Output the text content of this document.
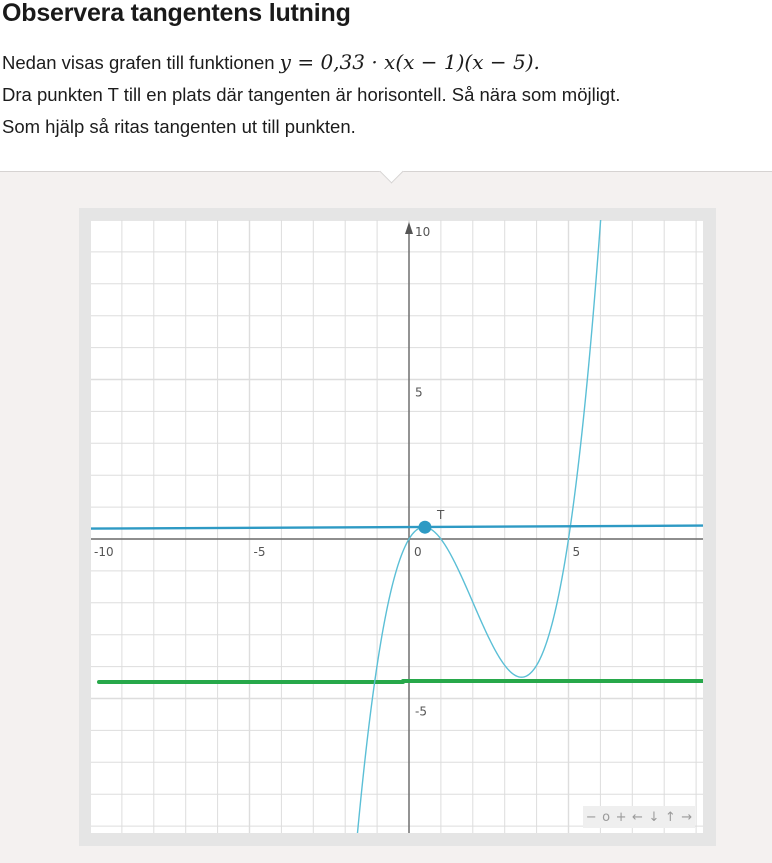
Observera tangentens lutning
Nedan visas grafen till funktionen y = 0,33 · x(x − 1)(x − 5).
Dra punkten T till en plats där tangenten är horisontell. Så nära som möjligt.
Som hjälp så ritas tangenten ut till punkten.
-10	-5	0	5
10
5
-5
T
− o + ← ↓ ↑ →
